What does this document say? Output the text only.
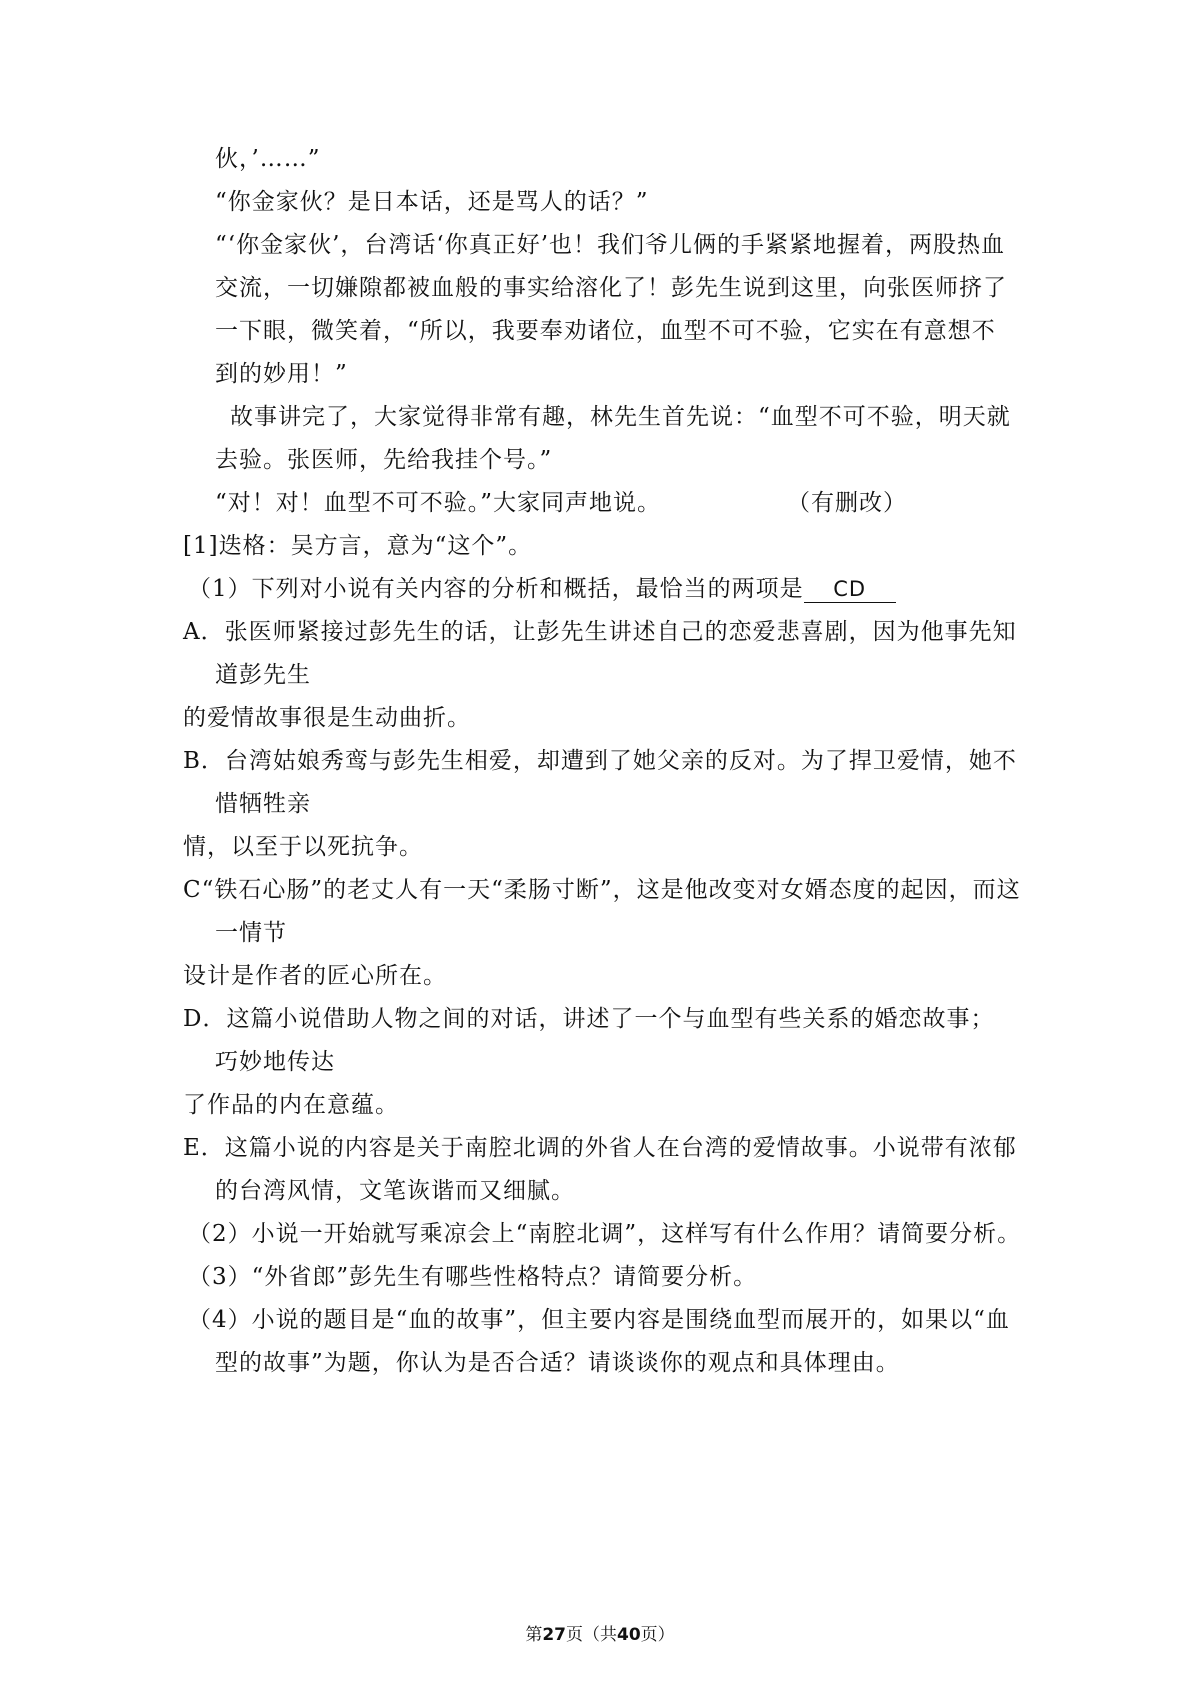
伙，’……”
“你金家伙？是日本话，还是骂人的话？”
“‘你金家伙’，台湾话‘你真正好’也！我们爷儿俩的手紧紧地握着，两股热血
交流，一切嫌隙都被血般的事实给溶化了！彭先生说到这里，向张医师挤了
一下眼，微笑着，“所以，我要奉劝诸位，血型不可不验，它实在有意想不
到的妙用！”
故事讲完了，大家觉得非常有趣，林先生首先说：“血型不可不验，明天就
去验。张医师，先给我挂个号。”
“对！对！血型不可不验。”大家同声地说。	（有删改）
[1]迭格：吴方言，意为“这个”。
（1）下列对小说有关内容的分析和概括，最恰当的两项是 CD
A．张医师紧接过彭先生的话，让彭先生讲述自己的恋爱悲喜剧，因为他事先知
道彭先生
的爱情故事很是生动曲折。
B．台湾姑娘秀鸾与彭先生相爱，却遭到了她父亲的反对。为了捍卫爱情，她不
惜牺牲亲
情，以至于以死抗争。
C“铁石心肠”的老丈人有一天“柔肠寸断”，这是他改变对女婿态度的起因，而这
一情节
设计是作者的匠心所在。
D．这篇小说借助人物之间的对话，讲述了一个与血型有些关系的婚恋故事；
巧妙地传达
了作品的内在意蕴。
E．这篇小说的内容是关于南腔北调的外省人在台湾的爱情故事。小说带有浓郁
的台湾风情，文笔诙谐而又细腻。
（2）小说一开始就写乘凉会上“南腔北调”，这样写有什么作用？请简要分析。
（3）“外省郎”彭先生有哪些性格特点？请简要分析。
（4）小说的题目是“血的故事”，但主要内容是围绕血型而展开的，如果以“血
型的故事”为题，你认为是否合适？请谈谈你的观点和具体理由。
第27页（共40页）
